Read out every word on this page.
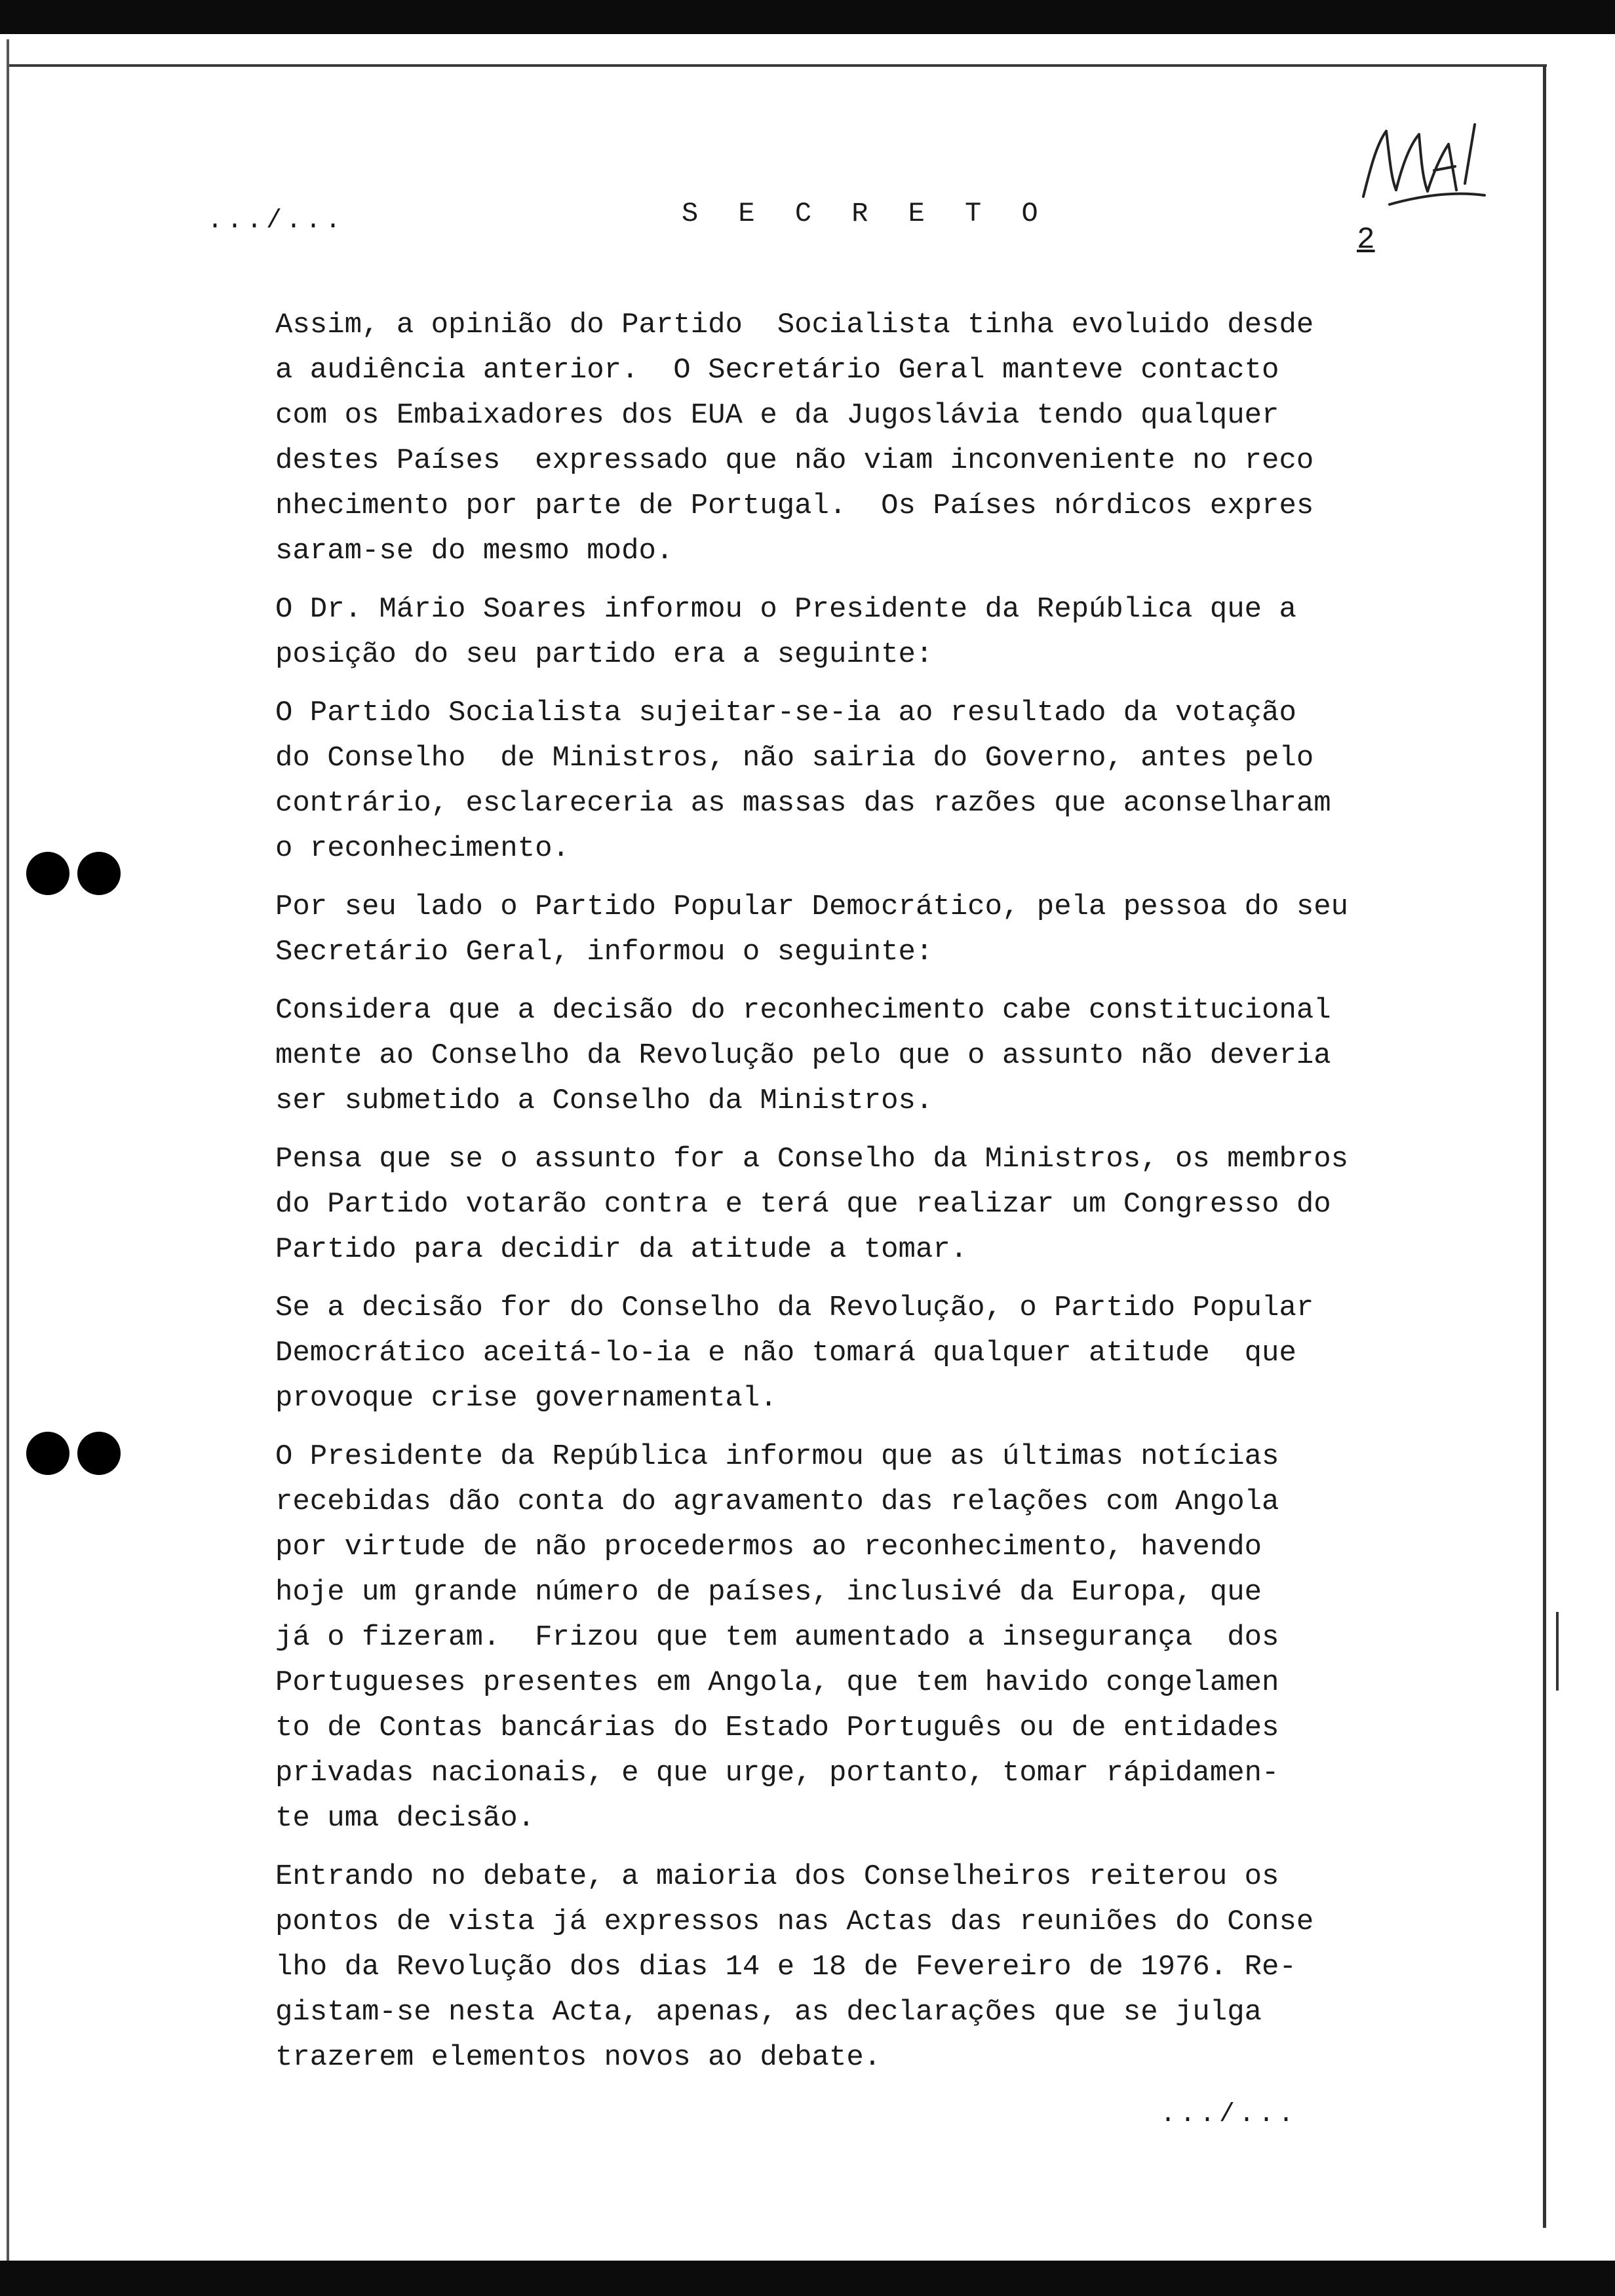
.../...	S E C R E T O
2
Assim, a opinião do Partido  Socialista tinha evoluido desde
a audiência anterior.  O Secretário Geral manteve contacto
com os Embaixadores dos EUA e da Jugoslávia tendo qualquer
destes Países  expressado que não viam inconveniente no reco
nhecimento por parte de Portugal.  Os Países nórdicos expres
saram-se do mesmo modo.
O Dr. Mário Soares informou o Presidente da República que a
posição do seu partido era a seguinte:
O Partido Socialista sujeitar-se-ia ao resultado da votação
do Conselho  de Ministros, não sairia do Governo, antes pelo
contrário, esclareceria as massas das razões que aconselharam
o reconhecimento.
Por seu lado o Partido Popular Democrático, pela pessoa do seu
Secretário Geral, informou o seguinte:
Considera que a decisão do reconhecimento cabe constitucional
mente ao Conselho da Revolução pelo que o assunto não deveria
ser submetido a Conselho da Ministros.
Pensa que se o assunto for a Conselho da Ministros, os membros
do Partido votarão contra e terá que realizar um Congresso do
Partido para decidir da atitude a tomar.
Se a decisão for do Conselho da Revolução, o Partido Popular
Democrático aceitá-lo-ia e não tomará qualquer atitude  que
provoque crise governamental.
O Presidente da República informou que as últimas notícias
recebidas dão conta do agravamento das relações com Angola
por virtude de não procedermos ao reconhecimento, havendo
hoje um grande número de países, inclusivé da Europa, que
já o fizeram.  Frizou que tem aumentado a insegurança  dos
Portugueses presentes em Angola, que tem havido congelamen
to de Contas bancárias do Estado Português ou de entidades
privadas nacionais, e que urge, portanto, tomar rápidamen-
te uma decisão.
Entrando no debate, a maioria dos Conselheiros reiterou os
pontos de vista já expressos nas Actas das reuniões do Conse
lho da Revolução dos dias 14 e 18 de Fevereiro de 1976. Re-
gistam-se nesta Acta, apenas, as declarações que se julga
trazerem elementos novos ao debate.
.../...
